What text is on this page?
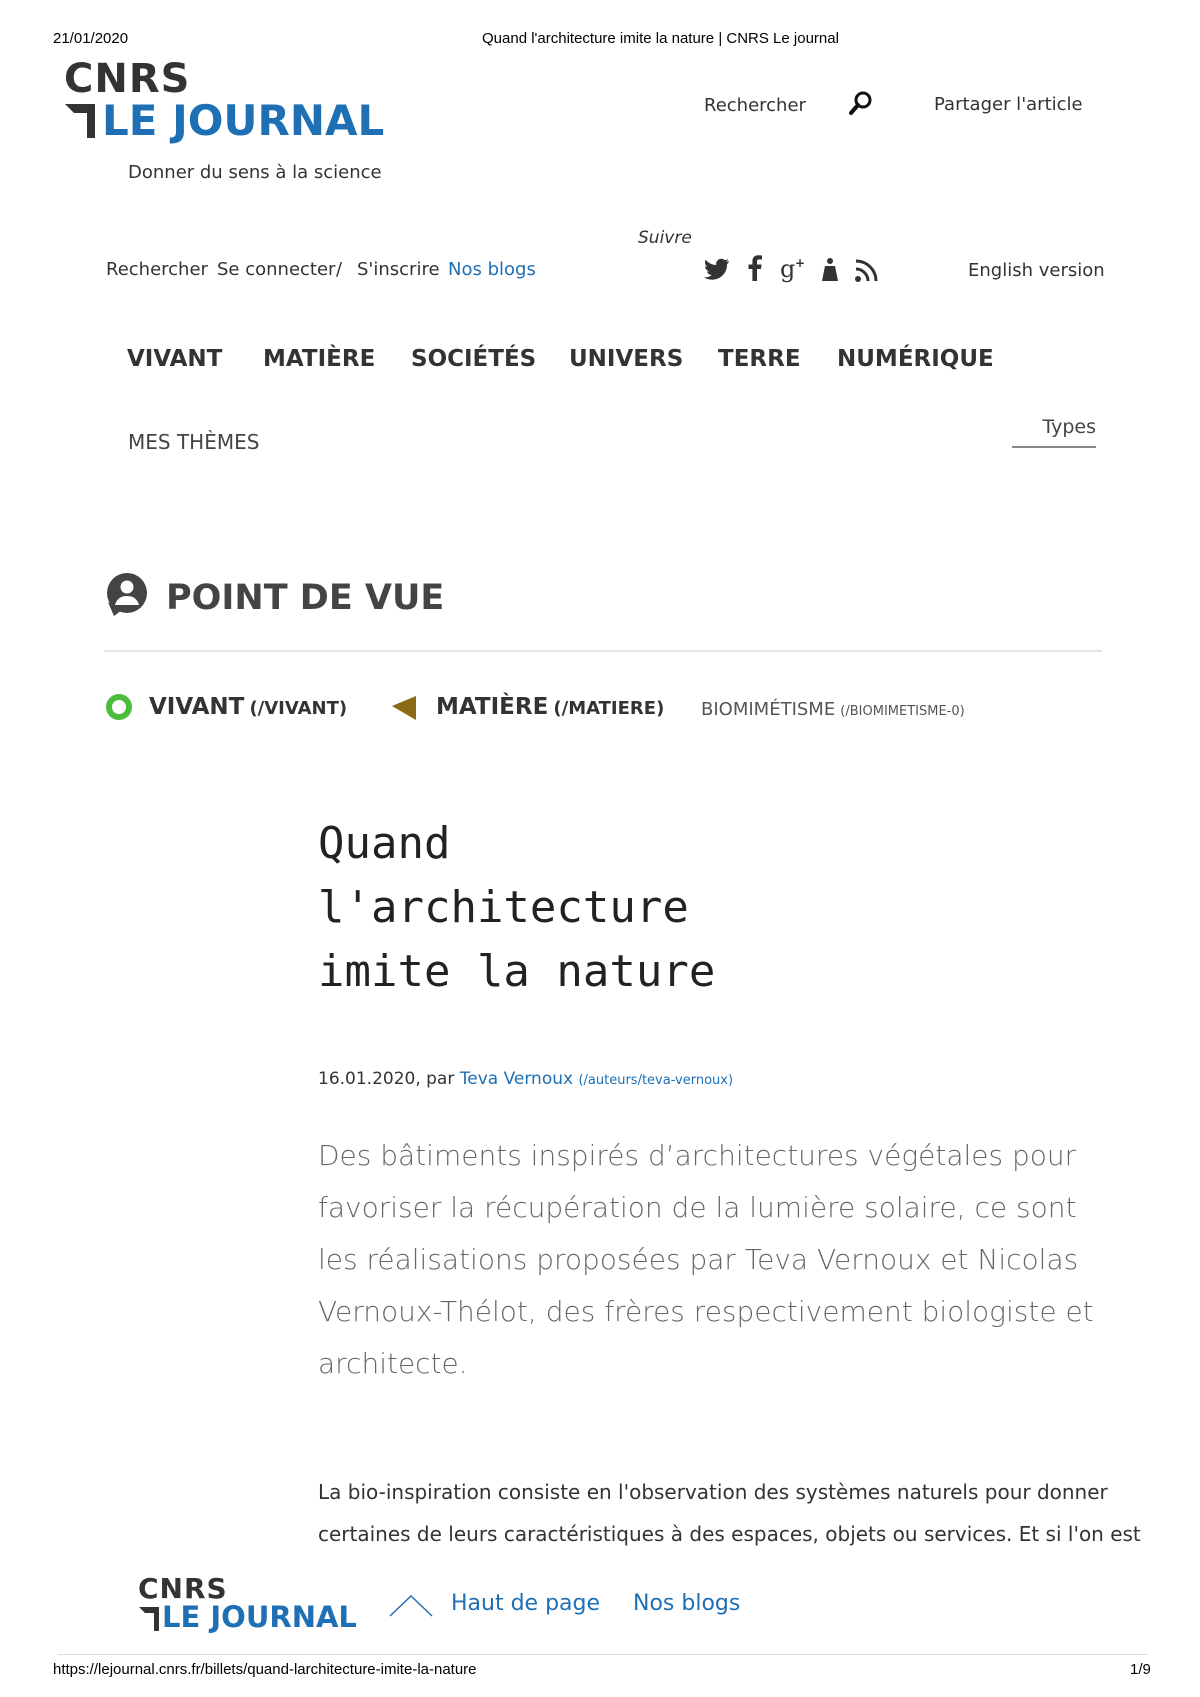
21/01/2020	Quand l'architecture imite la nature | CNRS Le journal
CNRS
LE JOURNAL
Donner du sens à la science
Rechercher	Partager l'article
Rechercher Se connecter / S'inscrire Nos blogs
Suivre
g +	English version
VIVANT MATIÈRE SOCIÉTÉS UNIVERS TERRE NUMÉRIQUE
MES THÈMES
Types
POINT DE VUE
VIVANT (/VIVANT)	MATIÈRE (/MATIERE) BIOMIMÉTISME (/BIOMIMETISME-0)
Quand
l'architecture
imite la nature
16.01.2020, par Teva Vernoux (/auteurs/teva-vernoux)
Des bâtiments inspirés d’architectures végétales pour
favoriser la récupération de la lumière solaire, ce sont
les réalisations proposées par Teva Vernoux et Nicolas
Vernoux-Thélot, des frères respectivement biologiste et
architecte.
La bio-inspiration consiste en l'observation des systèmes naturels pour donner
certaines de leurs caractéristiques à des espaces, objets ou services. Et si l'on est
CNRS
LE JOURNAL	Haut de page Nos blogs
https://lejournal.cnrs.fr/billets/quand-larchitecture-imite-la-nature	1/9
